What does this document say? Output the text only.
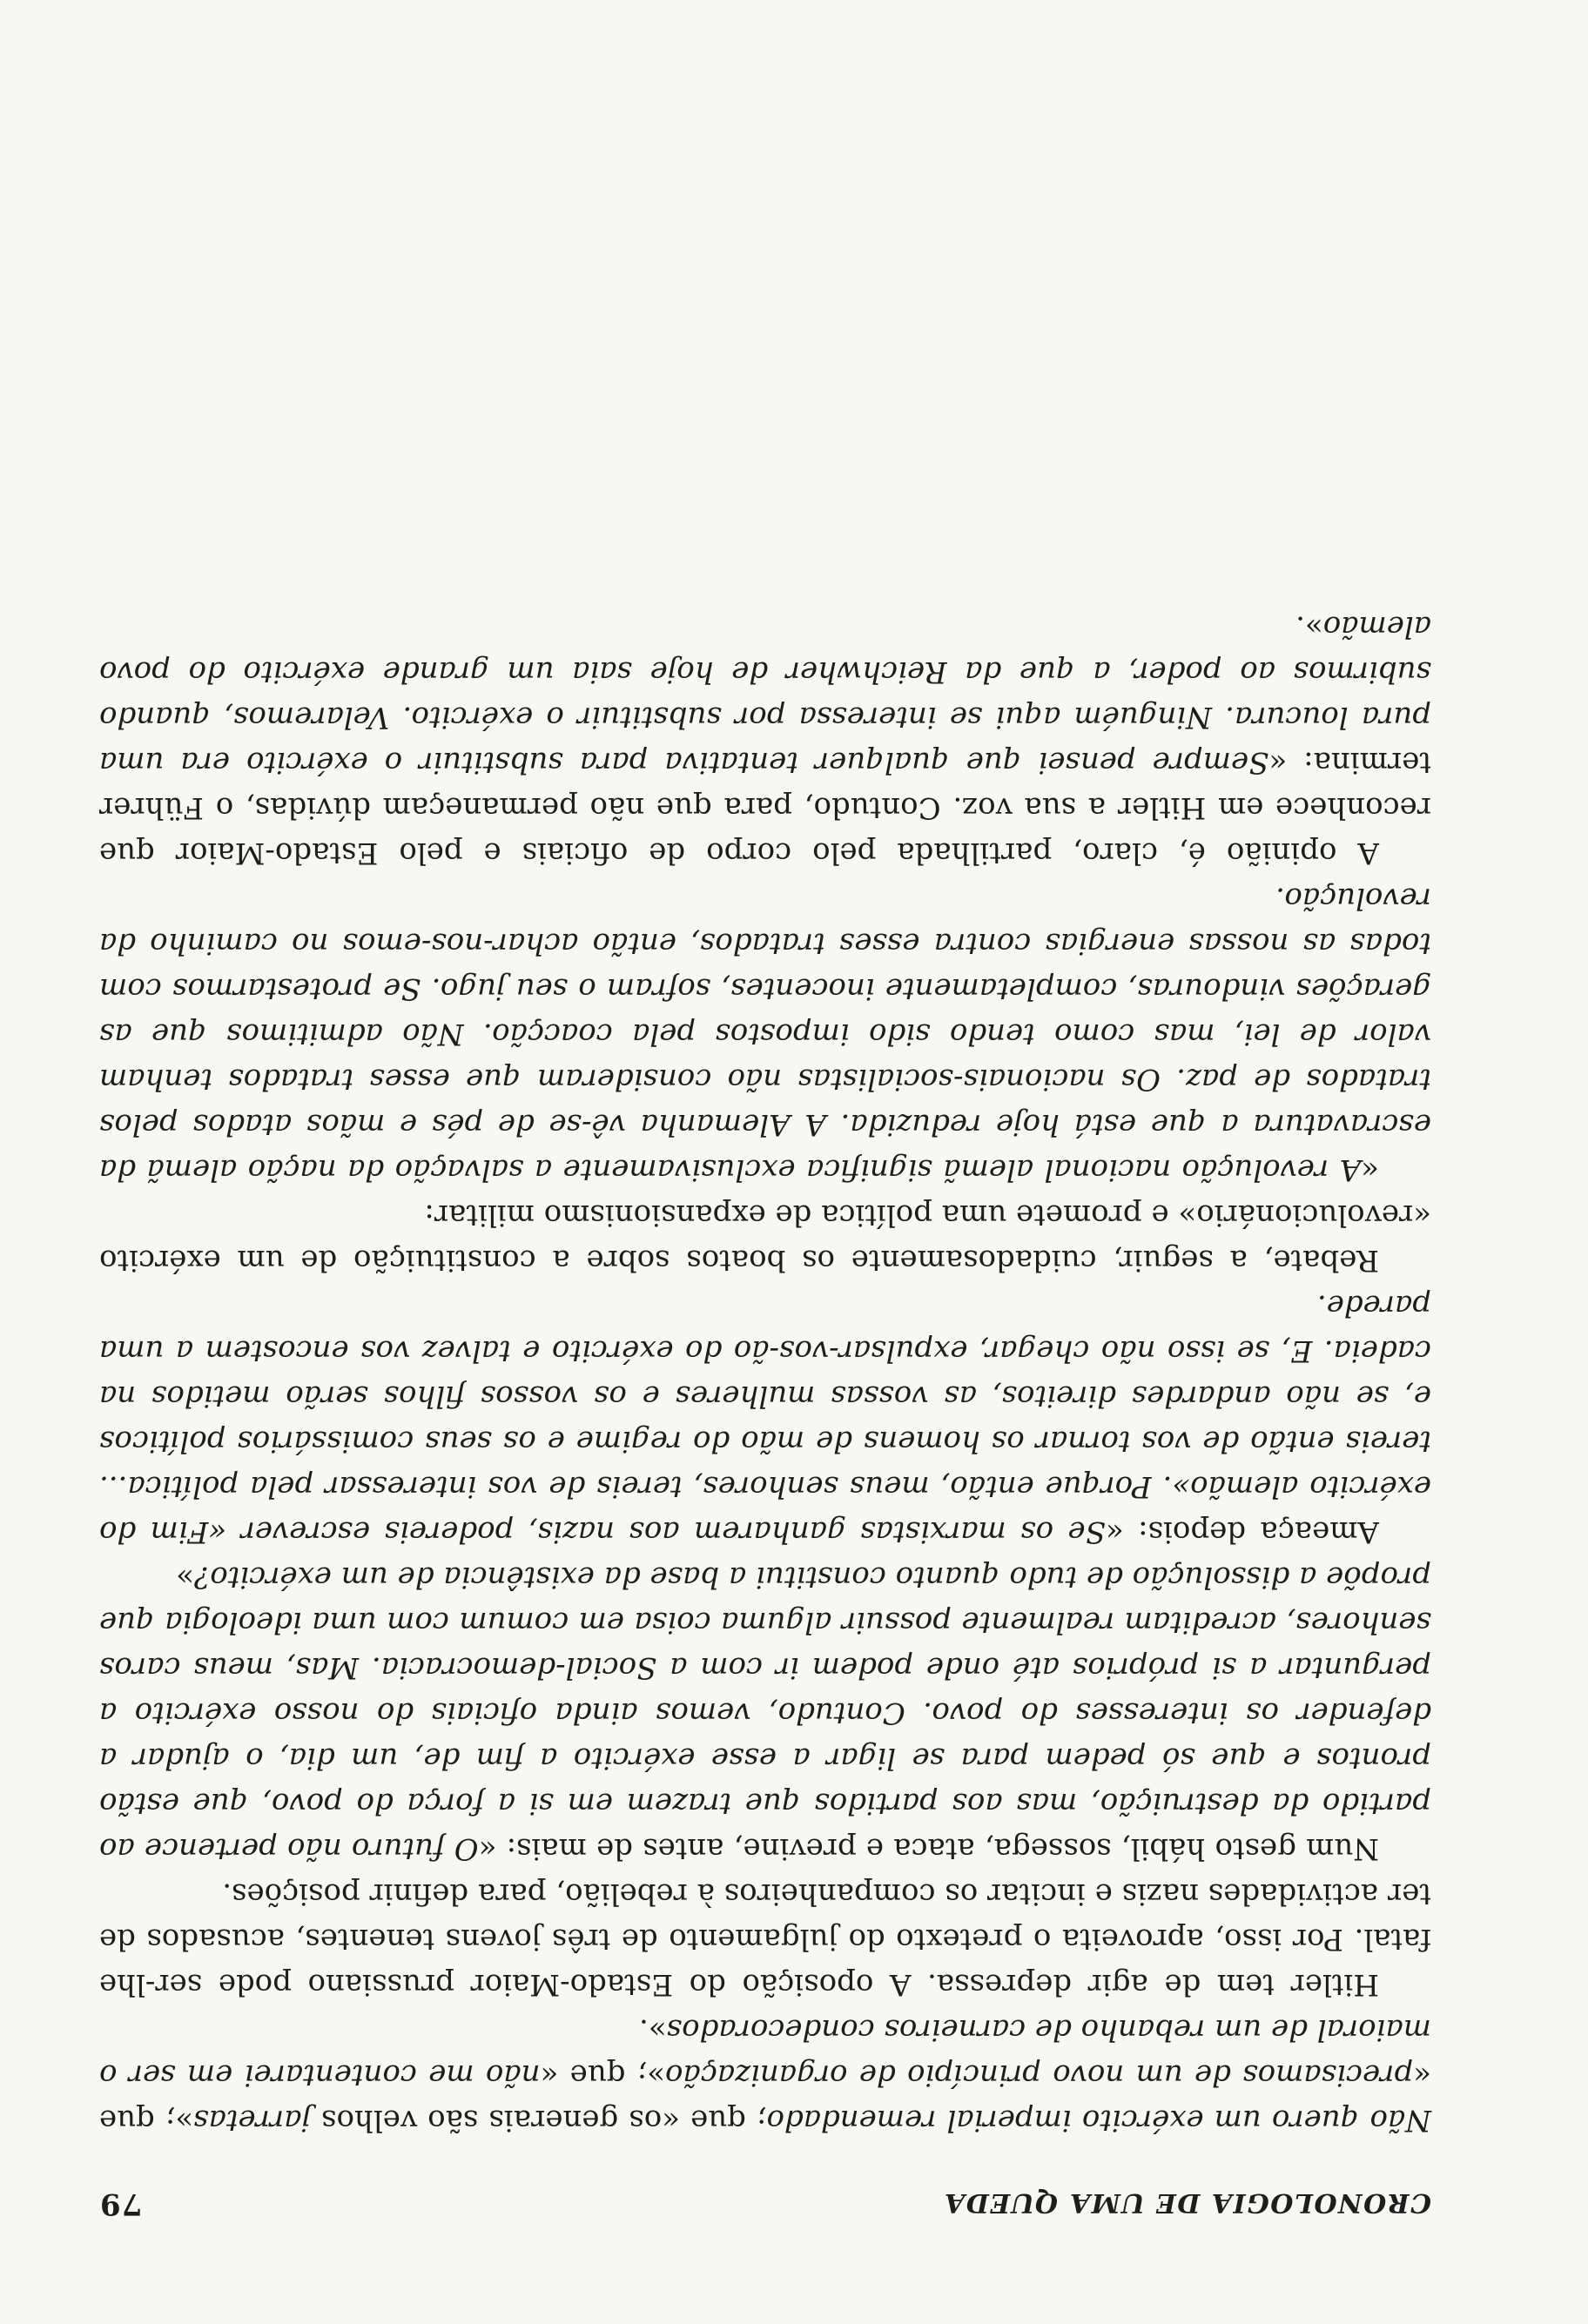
CRONOLOGIA DE UMA QUEDA
79

Não quero um exército imperial remendado; que «os generais são velhos jarretas»; que «precisamos de um novo princípio de organização»; que «não me contentarei em ser o maioral de um rebanho de carneiros condecorados».

Hitler tem de agir depressa. A oposição do Estado-Maior prussiano pode ser-lhe fatal. Por isso, aproveita o pretexto do julgamento de três jovens tenentes, acusados de ter actividades nazis e incitar os companheiros à rebelião, para definir posições.

Num gesto hábil, sossega, ataca e previne, antes de mais: «O futuro não pertence ao partido da destruição, mas aos partidos que trazem em si a força do povo, que estão prontos e que só pedem para se ligar a esse exército a fim de, um dia, o ajudar a defender os interesses do povo. Contudo, vemos ainda oficiais do nosso exército a perguntar a si próprios até onde podem ir com a Social-democracia. Mas, meus caros senhores, acreditam realmente possuir alguma coisa em comum com uma ideologia que propõe a dissolução de tudo quanto constitui a base da existência de um exército?»

Ameaça depois: «Se os marxistas ganharem aos nazis, podereis escrever «Fim do exército alemão». Porque então, meus senhores, tereis de vos interessar pela política... tereis então de vos tornar os homens de mão do regime e os seus comissários políticos e, se não andardes direitos, as vossas mulheres e os vossos filhos serão metidos na cadeia. E, se isso não chegar, expulsar-vos-ão do exército e talvez vos encostem a uma parede.

Rebate, a seguir, cuidadosamente os boatos sobre a constituição de um exército «revolucionário» e promete uma política de expansionismo militar:

«A revolução nacional alemã significa exclusivamente a salvação da nação alemã da escravatura a que está hoje reduzida. A Alemanha vê-se de pés e mãos atados pelos tratados de paz. Os nacionais-socialistas não consideram que esses tratados tenham valor de lei, mas como tendo sido impostos pela coacção. Não admitimos que as gerações vindouras, completamente inocentes, sofram o seu jugo. Se protestarmos com todas as nossas energias contra esses tratados, então achar-nos-emos no caminho da revolução.

A opinião é, claro, partilhada pelo corpo de oficiais e pelo Estado-Maior que reconhece em Hitler a sua voz. Contudo, para que não permaneçam dúvidas, o Führer termina: «Sempre pensei que qualquer tentativa para substituir o exército era uma pura loucura. Ninguém aqui se interessa por substituir o exército. Velaremos, quando subirmos ao poder, a que da Reichwher de hoje saia um grande exército do povo alemão».
